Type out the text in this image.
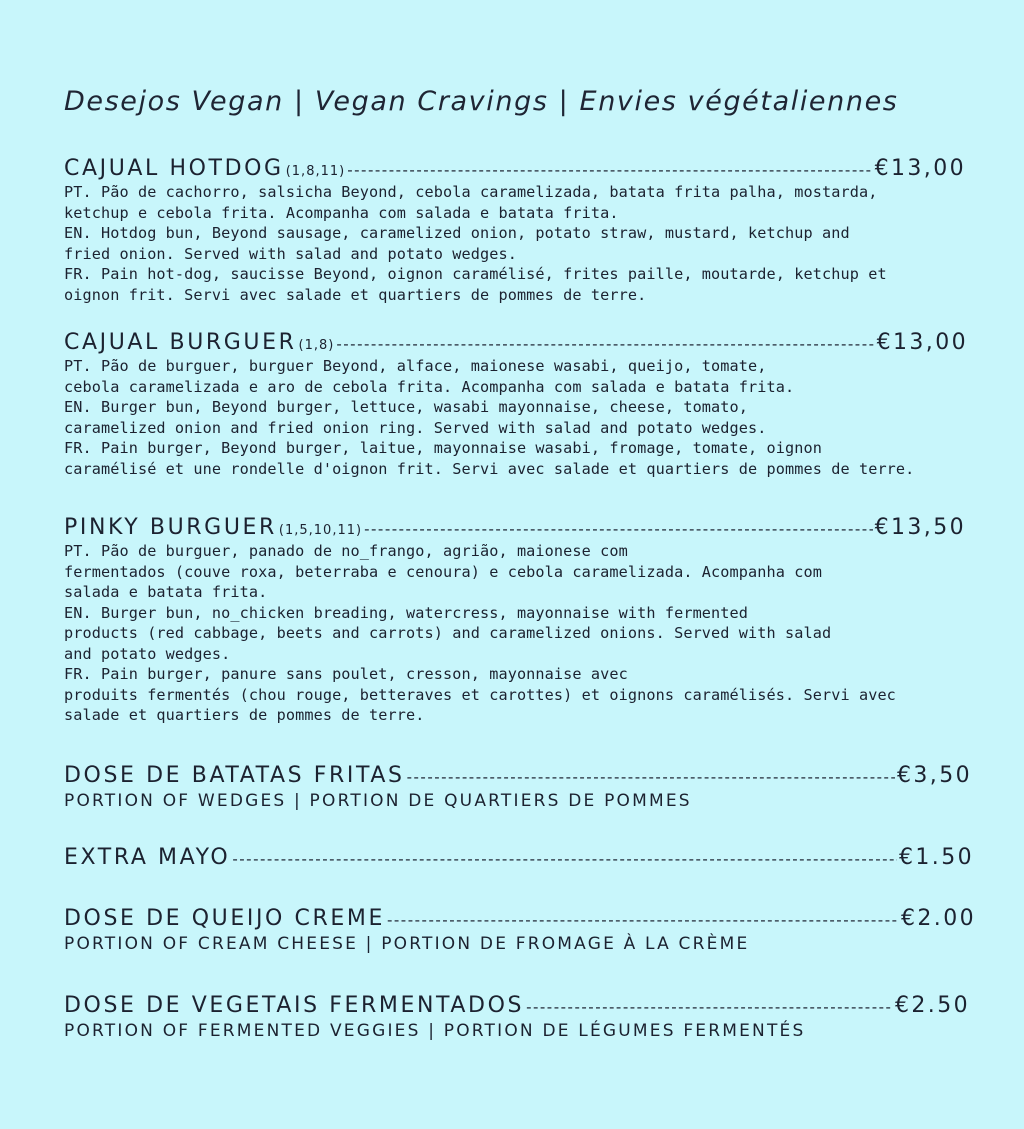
Desejos Vegan | Vegan Cravings | Envies végétaliennes
CAJUAL HOTDOG (1,8,11) -----	€13,00
PT. Pão de cachorro, salsicha Beyond, cebola caramelizada, batata frita palha, mostarda,
ketchup e cebola frita. Acompanha com salada e batata frita.
EN. Hotdog bun, Beyond sausage, caramelized onion, potato straw, mustard, ketchup and
fried onion. Served with salad and potato wedges.
FR. Pain hot-dog, saucisse Beyond, oignon caramélisé, frites paille, moutarde, ketchup et
oignon frit. Servi avec salade et quartiers de pommes de terre.
CAJUAL BURGUER (1,8) -----	€13,00
PT. Pão de burguer, burguer Beyond, alface, maionese wasabi, queijo, tomate,
cebola caramelizada e aro de cebola frita. Acompanha com salada e batata frita.
EN. Burger bun, Beyond burger, lettuce, wasabi mayonnaise, cheese, tomato,
caramelized onion and fried onion ring. Served with salad and potato wedges.
FR. Pain burger, Beyond burger, laitue, mayonnaise wasabi, fromage, tomate, oignon
caramélisé et une rondelle d'oignon frit. Servi avec salade et quartiers de pommes de terre.
PINKY BURGUER (1,5,10,11) -----	€13,50
PT. Pão de burguer, panado de no_frango, agrião, maionese com
fermentados (couve roxa, beterraba e cenoura) e cebola caramelizada. Acompanha com
salada e batata frita.
EN. Burger bun, no_chicken breading, watercress, mayonnaise with fermented
products (red cabbage, beets and carrots) and caramelized onions. Served with salad
and potato wedges.
FR. Pain burger, panure sans poulet, cresson, mayonnaise avec
produits fermentés (chou rouge, betteraves et carottes) et oignons caramélisés. Servi avec
salade et quartiers de pommes de terre.
DOSE DE BATATAS FRITAS -----	€3,50
PORTION OF WEDGES | PORTION DE QUARTIERS DE POMMES
EXTRA MAYO -----	€1.50
DOSE DE QUEIJO CREME -----	€2.00
PORTION OF CREAM CHEESE | PORTION DE FROMAGE À LA CRÈME
DOSE DE VEGETAIS FERMENTADOS -----	€2.50
PORTION OF FERMENTED VEGGIES | PORTION DE LÉGUMES FERMENTÉS
